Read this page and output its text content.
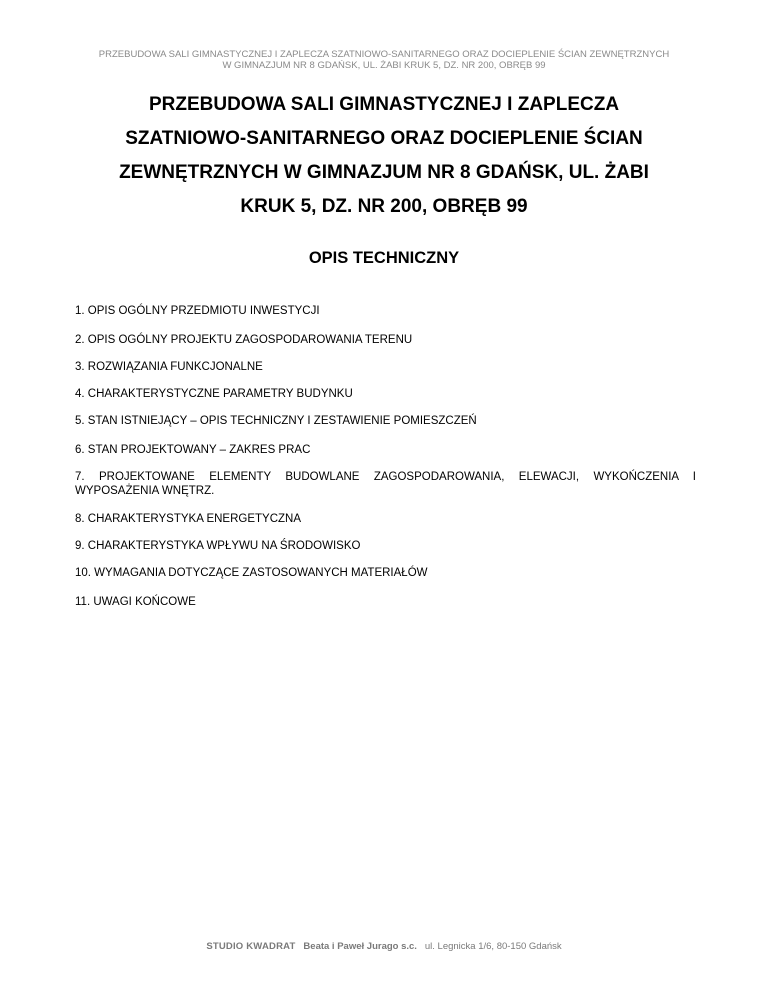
PRZEBUDOWA SALI GIMNASTYCZNEJ I ZAPLECZA SZATNIOWO-SANITARNEGO ORAZ DOCIEPLENIE ŚCIAN ZEWNĘTRZNYCH
W GIMNAZJUM NR 8 GDAŃSK, UL. ŻABI KRUK 5, DZ. NR 200, OBRĘB 99
PRZEBUDOWA SALI GIMNASTYCZNEJ I ZAPLECZA
SZATNIOWO-SANITARNEGO ORAZ DOCIEPLENIE ŚCIAN
ZEWNĘTRZNYCH W GIMNAZJUM NR 8 GDAŃSK, UL. ŻABI
KRUK 5, DZ. NR 200, OBRĘB 99
OPIS TECHNICZNY
1. OPIS OGÓLNY PRZEDMIOTU INWESTYCJI
2. OPIS OGÓLNY PROJEKTU ZAGOSPODAROWANIA TERENU
3. ROZWIĄZANIA FUNKCJONALNE
4. CHARAKTERYSTYCZNE PARAMETRY BUDYNKU
5. STAN ISTNIEJĄCY – OPIS TECHNICZNY I ZESTAWIENIE POMIESZCZEŃ
6. STAN PROJEKTOWANY – ZAKRES PRAC
7. PROJEKTOWANE ELEMENTY BUDOWLANE ZAGOSPODAROWANIA, ELEWACJI, WYKOŃCZENIA I
WYPOSAŻENIA WNĘTRZ.
8. CHARAKTERYSTYKA ENERGETYCZNA
9. CHARAKTERYSTYKA WPŁYWU NA ŚRODOWISKO
10. WYMAGANIA DOTYCZĄCE ZASTOSOWANYCH MATERIAŁÓW
11. UWAGI KOŃCOWE
STUDIO KWADRAT Beata i Paweł Jurago s.c. ul. Legnicka 1/6, 80-150 Gdańsk
